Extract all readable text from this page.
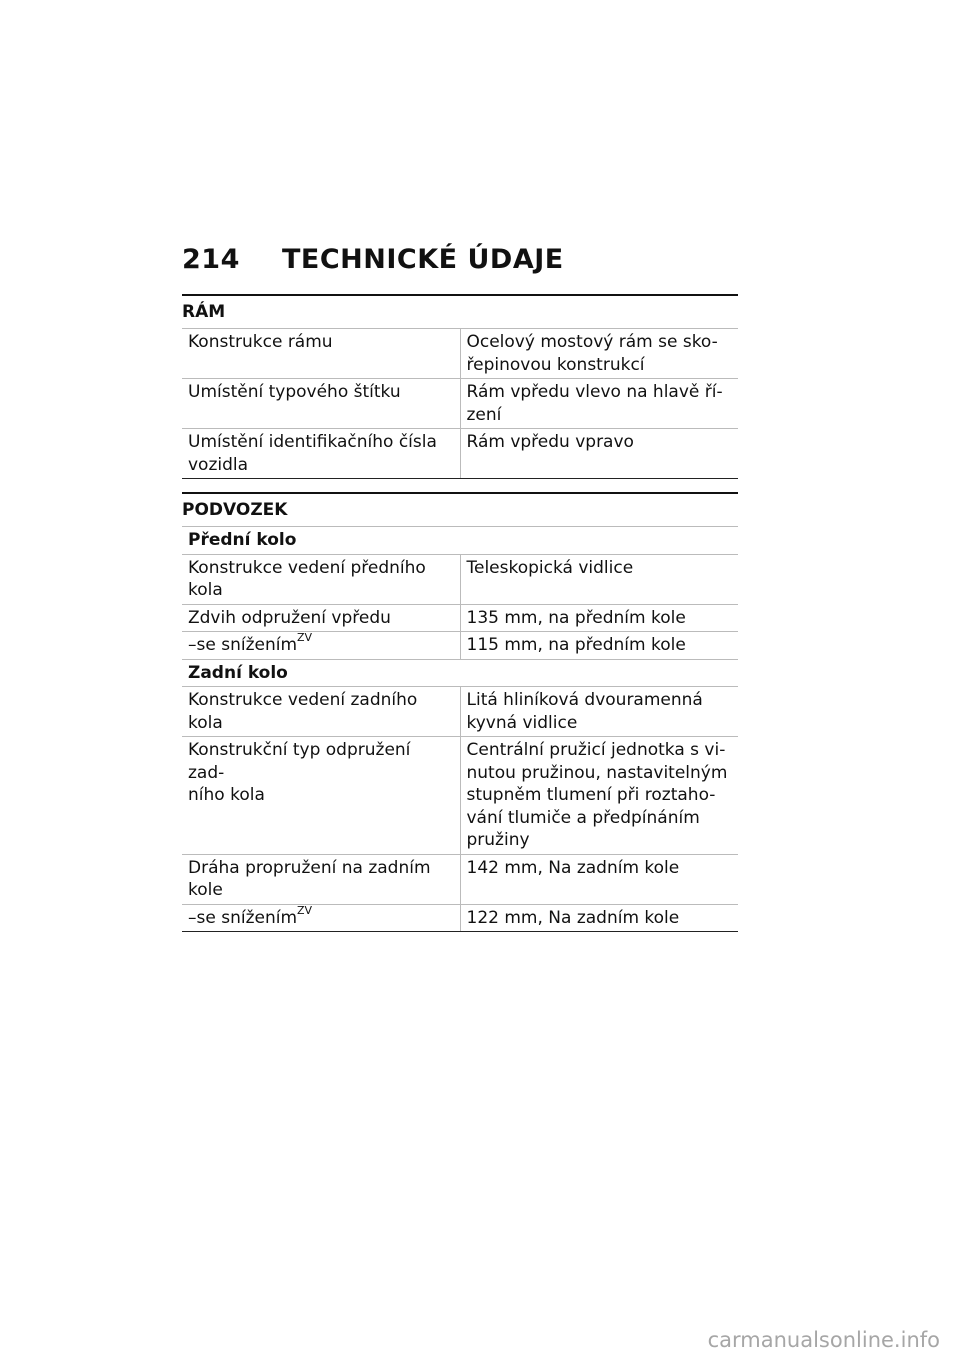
214	TECHNICKÉ ÚDAJE
RÁM
Konstrukce rámu	Ocelový mostový rám se sko-
řepinovou konstrukcí
Umístění typového štítku	Rám vpředu vlevo na hlavě ří-
zení
Umístění identifikačního čísla
vozidla	Rám vpředu vpravo
PODVOZEK
Přední kolo	
Konstrukce vedení předního
kola	Teleskopická vidlice
Zdvih odpružení vpředu	135 mm, na předním kole
–se snížením$^{ZV}$	115 mm, na předním kole
Zadní kolo	
Konstrukce vedení zadního
kola	Litá hliníková dvouramenná
kyvná vidlice
Konstrukční typ odpružení zad-
ního kola	Centrální pružicí jednotka s vi-
nutou pružinou, nastavitelným
stupněm tlumení při roztaho-
vání tlumiče a předpínáním
pružiny
Dráha propružení na zadním
kole	142 mm, Na zadním kole
–se snížením$^{ZV}$	122 mm, Na zadním kole
carmanualsonline.info
